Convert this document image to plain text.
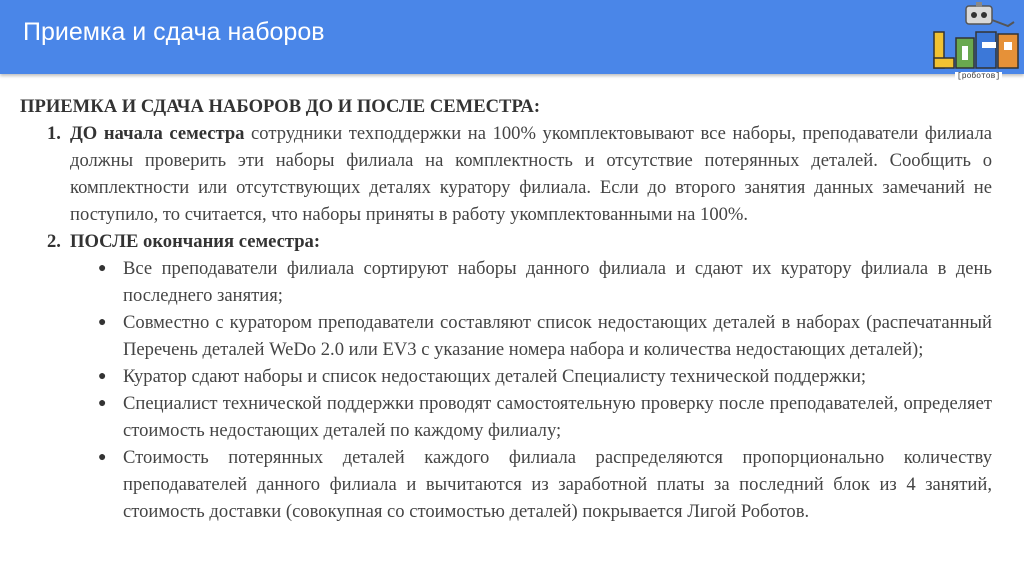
Приемка и сдача наборов
[роботов]
ПРИЕМКА И СДАЧА НАБОРОВ ДО И ПОСЛЕ СЕМЕСТРА:
1. ДО начала семестра сотрудники техподдержки на 100% укомплектовывают все наборы, преподаватели филиала должны проверить эти наборы филиала на комплектность и отсутствие потерянных деталей. Сообщить о комплектности или отсутствующих деталях куратору филиала. Если до второго занятия данных замечаний не поступило, то считается, что наборы приняты в работу укомплектованными на 100%.
2. ПОСЛЕ окончания семестра:
● Все преподаватели филиала сортируют наборы данного филиала и сдают их куратору филиала в день последнего занятия;
● Совместно с куратором преподаватели составляют список недостающих деталей в наборах (распечатанный Перечень деталей WeDo 2.0 или EV3 с указание номера набора и количества недостающих деталей);
● Куратор сдают наборы и список недостающих деталей Специалисту технической поддержки;
● Специалист технической поддержки проводят самостоятельную проверку после преподавателей, определяет стоимость недостающих деталей по каждому филиалу;
● Стоимость потерянных деталей каждого филиала распределяются пропорционально количеству преподавателей данного филиала и вычитаются из заработной платы за последний блок из 4 занятий, стоимость доставки (совокупная со стоимостью деталей) покрывается Лигой Роботов.
